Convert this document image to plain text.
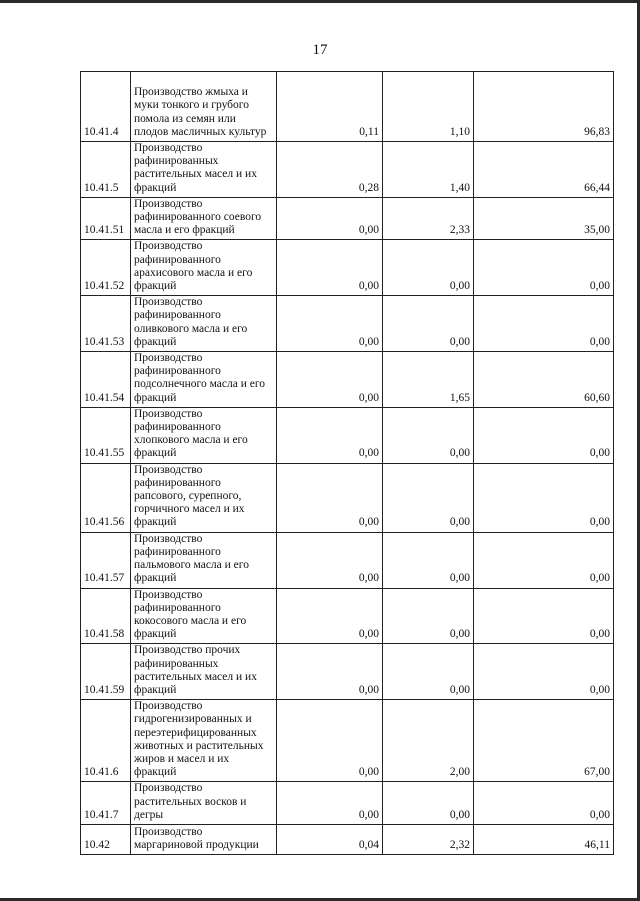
17
10.41.4	Производство жмыха и муки тонкого и грубого помола из семян или плодов масличных культур	0,11	1,10	96,83
10.41.5	Производство рафинированных растительных масел и их фракций	0,28	1,40	66,44
10.41.51	Производство рафинированного соевого масла и его фракций	0,00	2,33	35,00
10.41.52	Производство рафинированного арахисового масла и его фракций	0,00	0,00	0,00
10.41.53	Производство рафинированного оливкового масла и его фракций	0,00	0,00	0,00
10.41.54	Производство рафинированного подсолнечного масла и его фракций	0,00	1,65	60,60
10.41.55	Производство рафинированного хлопкового масла и его фракций	0,00	0,00	0,00
10.41.56	Производство рафинированного рапсового, сурепного, горчичного масел и их фракций	0,00	0,00	0,00
10.41.57	Производство рафинированного пальмового масла и его фракций	0,00	0,00	0,00
10.41.58	Производство рафинированного кокосового масла и его фракций	0,00	0,00	0,00
10.41.59	Производство прочих рафинированных растительных масел и их фракций	0,00	0,00	0,00
10.41.6	Производство гидрогенизированных и переэтерифицированных животных и растительных жиров и масел и их фракций	0,00	2,00	67,00
10.41.7	Производство растительных восков и дегры	0,00	0,00	0,00
10.42	Производство маргариновой продукции	0,04	2,32	46,11
